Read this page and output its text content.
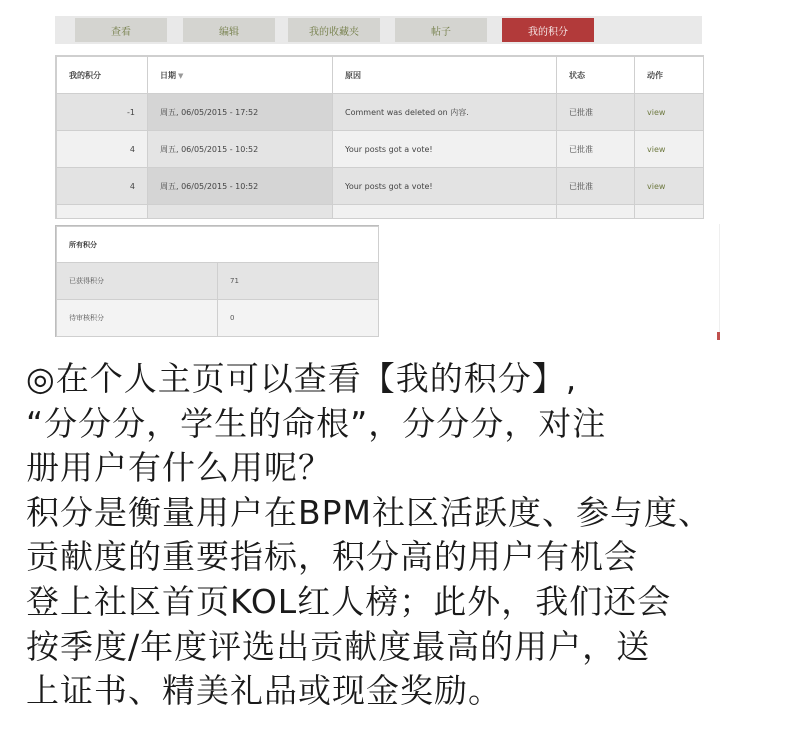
查看	编辑	我的收藏夹	帖子	我的积分
我的积分	日期 ▼	原因	状态	动作
-1	周五, 06/05/2015 - 17:52	Comment was deleted on 内容.	已批准	view
4	周五, 06/05/2015 - 10:52	Your posts got a vote!	已批准	view
4	周五, 06/05/2015 - 10:52	Your posts got a vote!	已批准	view

所有积分	
已获得积分	71
待审核积分	0
◎在个人主页可以查看【我的积分】,
“分分分，学生的命根”，分分分，对注
册用户有什么用呢？
积分是衡量用户在BPM社区活跃度、参与度、
贡献度的重要指标，积分高的用户有机会
登上社区首页KOL红人榜；此外，我们还会
按季度/年度评选出贡献度最高的用户，送
上证书、精美礼品或现金奖励。
